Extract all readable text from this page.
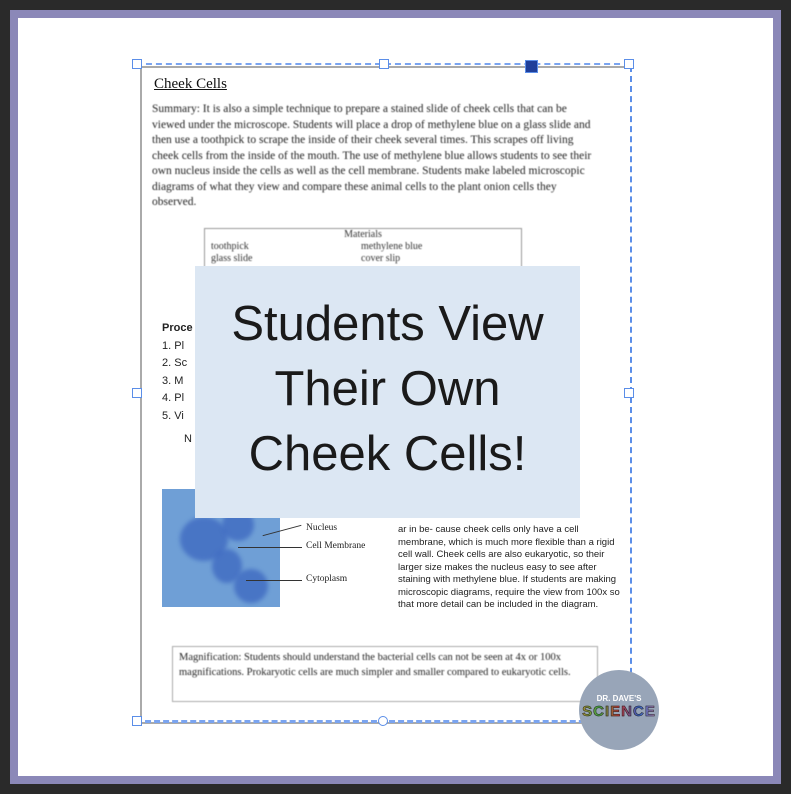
Cheek Cells
Summary: It is also a simple technique to prepare a stained slide of cheek cells that can be viewed under the microscope. Students will place a drop of methylene blue on a glass slide and then use a toothpick to scrape the inside of their cheek several times. This scrapes off living cheek cells from the inside of the mouth. The use of methylene blue allows students to see their own nucleus inside the cells as well as the cell membrane. Students make labeled microscopic diagrams of what they view and compare these animal cells to the plant onion cells they observed.
Materials
toothpick	methylene blue
glass slide	cover slip
Proce
1. Pl
2. Sc
3. M
4. Pl
5. Vi
N
Nucleus
Cell Membrane
Cytoplasm
ar in be- cause cheek cells only have a cell membrane, which is much more flexible than a rigid cell wall. Cheek cells are also eukaryotic, so their larger size makes the nucleus easy to see after staining with methylene blue. If students are making microscopic diagrams, require the view from 100x so that more detail can be included in the diagram.
Magnification: Students should understand the bacterial cells can not be seen at 4x or 100x magnifications. Prokaryotic cells are much simpler and smaller compared to eukaryotic cells.
Students View
Their Own
Cheek Cells!
DR. DAVE'S
SCIENCE
